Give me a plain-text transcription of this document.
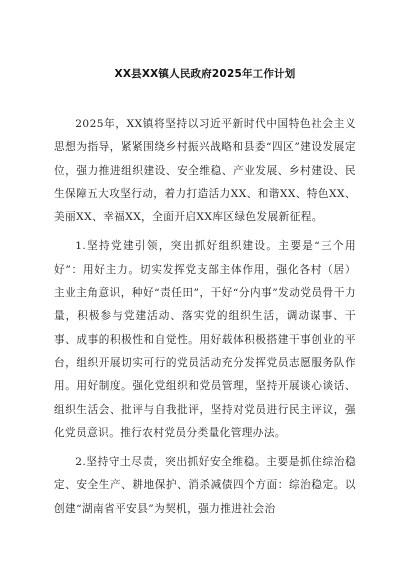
XX县XX镇人民政府2025年工作计划

2025年，XX镇将坚持以习近平新时代中国特色社会主义思想为指导，紧紧围绕乡村振兴战略和县委“四区”建设发展定位，强力推进组织建设、安全维稳、产业发展、乡村建设、民生保障五大攻坚行动，着力打造活力XX、和谐XX、特色XX、美丽XX、幸福XX，全面开启XX库区绿色发展新征程。

1.坚持党建引领，突出抓好组织建设。主要是“三个用好”：用好主力。切实发挥党支部主体作用，强化各村（居）主业主角意识，种好“责任田”，干好“分内事”发动党员骨干力量，积极参与党建活动、落实党的组织生活，调动谋事、干事、成事的积极性和自觉性。用好载体积极搭建干事创业的平台，组织开展切实可行的党员活动充分发挥党员志愿服务队作用。用好制度。强化党组织和党员管理，坚持开展谈心谈话、组织生活会、批评与自我批评，坚持对党员进行民主评议，强化党员意识。推行农村党员分类量化管理办法。

2.坚持守土尽责，突出抓好安全维稳。主要是抓住综治稳定、安全生产、耕地保护、消杀减债四个方面：综治稳定。以创建“湖南省平安县”为契机，强力推进社会治
